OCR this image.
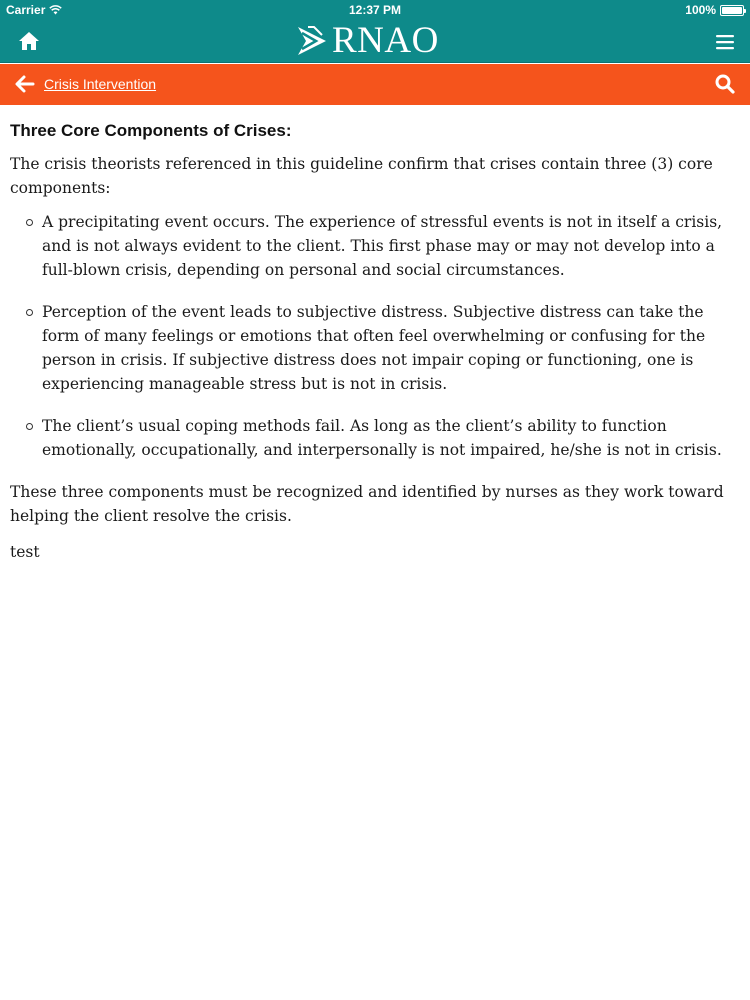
Carrier	12:37 PM	100%
RNAO
Crisis Intervention
Three Core Components of Crises:

The crisis theorists referenced in this guideline confirm that crises contain three (3) core components:

A precipitating event occurs. The experience of stressful events is not in itself a crisis, and is not always evident to the client. This first phase may or may not develop into a full-blown crisis, depending on personal and social circumstances.
Perception of the event leads to subjective distress. Subjective distress can take the form of many feelings or emotions that often feel overwhelming or confusing for the person in crisis. If subjective distress does not impair coping or functioning, one is experiencing manageable stress but is not in crisis.
The client’s usual coping methods fail. As long as the client’s ability to function emotionally, occupationally, and interpersonally is not impaired, he/she is not in crisis.

These three components must be recognized and identified by nurses as they work toward helping the client resolve the crisis.

test
